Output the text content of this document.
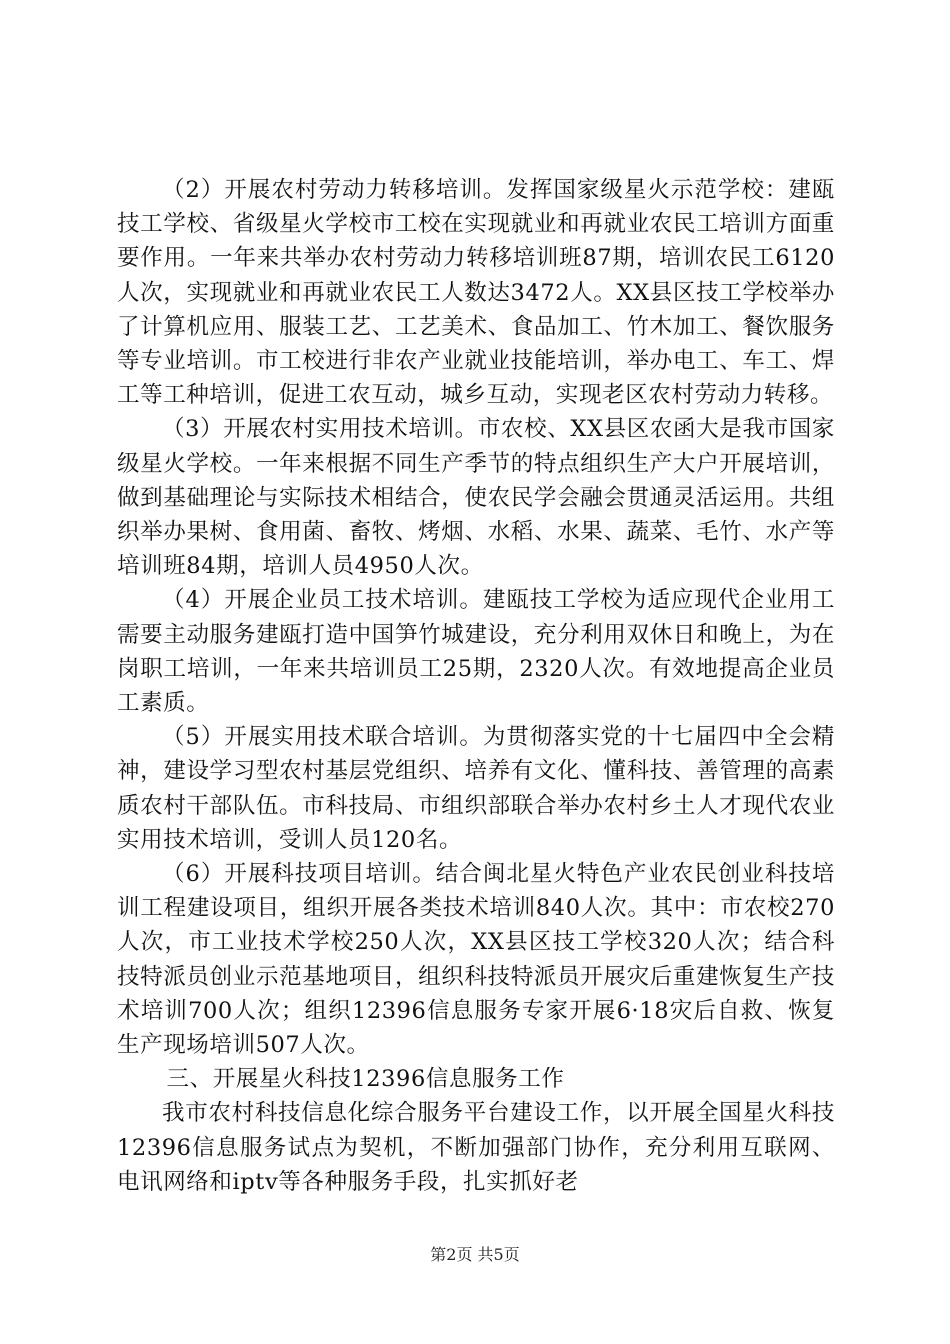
（2）开展农村劳动力转移培训。发挥国家级星火示范学校：建瓯技工学校、省级星火学校市工校在实现就业和再就业农民工培训方面重要作用。一年来共举办农村劳动力转移培训班87期，培训农民工6120人次，实现就业和再就业农民工人数达3472人。XX县区技工学校举办了计算机应用、服装工艺、工艺美术、食品加工、竹木加工、餐饮服务等专业培训。市工校进行非农产业就业技能培训，举办电工、车工、焊工等工种培训，促进工农互动，城乡互动，实现老区农村劳动力转移。

（3）开展农村实用技术培训。市农校、XX县区农函大是我市国家级星火学校。一年来根据不同生产季节的特点组织生产大户开展培训，做到基础理论与实际技术相结合，使农民学会融会贯通灵活运用。共组织举办果树、食用菌、畜牧、烤烟、水稻、水果、蔬菜、毛竹、水产等培训班84期，培训人员4950人次。

（4）开展企业员工技术培训。建瓯技工学校为适应现代企业用工需要主动服务建瓯打造中国笋竹城建设，充分利用双休日和晚上，为在岗职工培训，一年来共培训员工25期，2320人次。有效地提高企业员工素质。

（5）开展实用技术联合培训。为贯彻落实党的十七届四中全会精神，建设学习型农村基层党组织、培养有文化、懂科技、善管理的高素质农村干部队伍。市科技局、市组织部联合举办农村乡土人才现代农业实用技术培训，受训人员120名。

（6）开展科技项目培训。结合闽北星火特色产业农民创业科技培训工程建设项目，组织开展各类技术培训840人次。其中：市农校270人次，市工业技术学校250人次，XX县区技工学校320人次；结合科技特派员创业示范基地项目，组织科技特派员开展灾后重建恢复生产技术培训700人次；组织12396信息服务专家开展6·18灾后自救、恢复生产现场培训507人次。

三、开展星火科技12396信息服务工作

我市农村科技信息化综合服务平台建设工作，以开展全国星火科技12396信息服务试点为契机，不断加强部门协作，充分利用互联网、电讯网络和iptv等各种服务手段，扎实抓好老

第2页 共5页
